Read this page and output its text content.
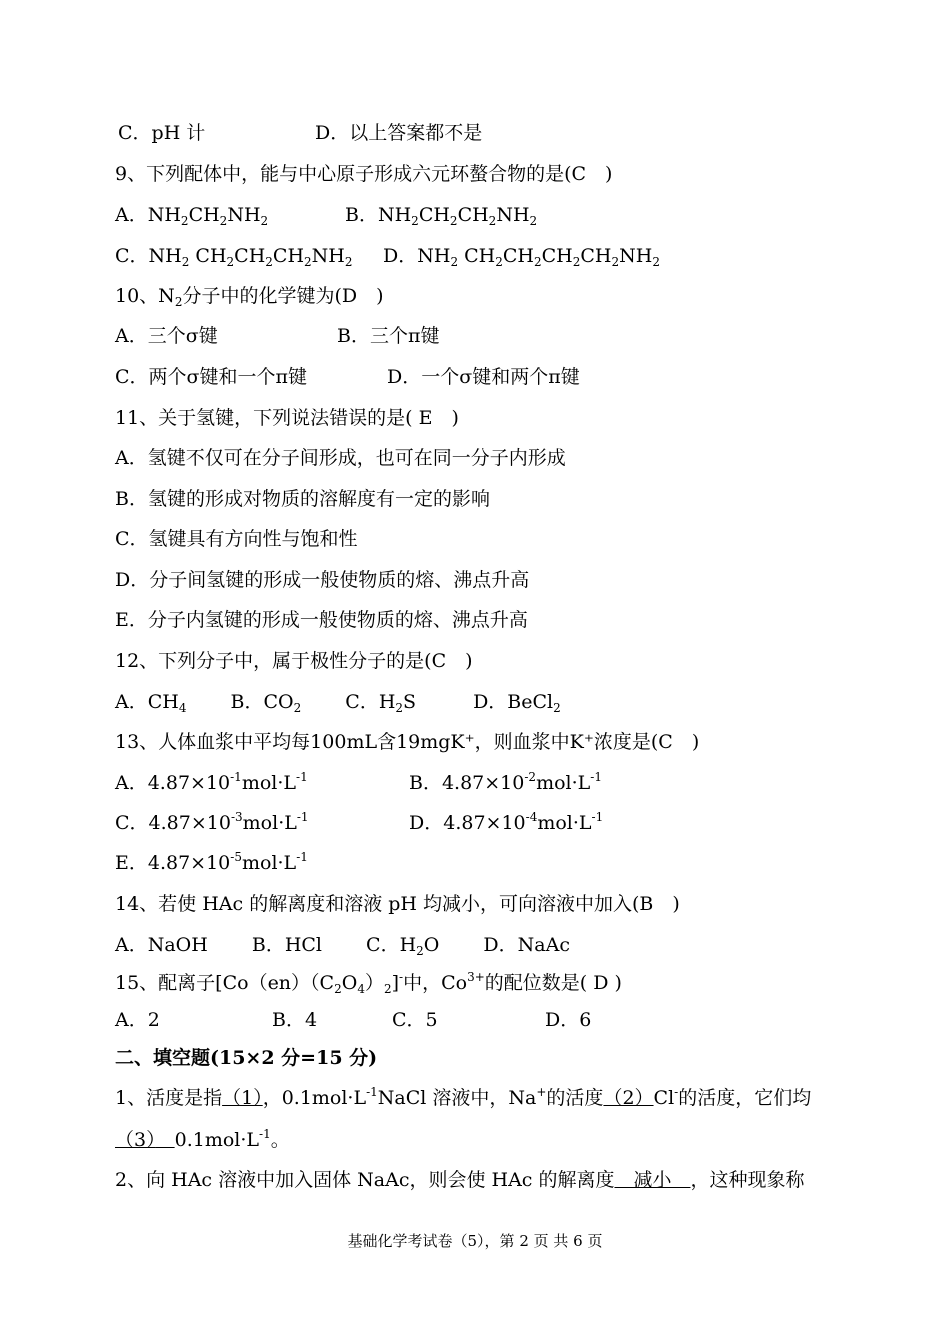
C．pH 计	D．以上答案都不是
9、下列配体中，能与中心原子形成六元环螯合物的是(C　)
A．$NH_2CH_2NH_2$	B．$NH_2CH_2CH_2NH_2$
C．$NH_2$ $CH_2CH_2CH_2NH_2$ D．$NH_2$ $CH_2CH_2CH_2CH_2NH_2$
10、$N_2$分子中的化学键为(D　)
A．三个σ键	B．三个π键
C．两个σ键和一个π键	D．一个σ键和两个π键
11、关于氢键，下列说法错误的是( E　)
A．氢键不仅可在分子间形成，也可在同一分子内形成
B．氢键的形成对物质的溶解度有一定的影响
C．氢键具有方向性与饱和性
D．分子间氢键的形成一般使物质的熔、沸点升高
E．分子内氢键的形成一般使物质的熔、沸点升高
12、下列分子中，属于极性分子的是(C　)
A．$CH_4$　　 B．$CO_2$　　 C．$H_2S$　　　D．BeCl$_2$
13、人体血浆中平均每100mL含19mgK⁺，则血浆中K⁺浓度是(C　)
A．$4.87\times 10^{-1}mol\cdot L^{-1}$	B．$4.87\times 10^{-2}mol\cdot L^{-1}$
C．$4.87\times 10^{-3}mol\cdot L^{-1}$	D．$4.87\times 10^{-4}mol\cdot L^{-1}$
E．$4.87\times 10^{-5}mol\cdot L^{-1}$
14、若使 HAc 的解离度和溶液 pH 均减小，可向溶液中加入(B　)
A．NaOH　　 B．HCl　　 C．$H_2O$　　 D．NaAc
15、配离子$[Co(en)(C_2O_4)_2]^-$中，$Co^{3+}$的配位数是( D )
A．2	B．4	C．5	D．6
二、填空题(15×2 分=15 分)
1、活度是指（1），$0.1mol\cdot L^{-1}NaCl$ 溶液中，Na+的活度（2）Cl-的活度，它们均
（3）　 $0.1mol\cdot L^{-1}$。
2、向 HAc 溶液中加入固体 NaAc，则会使 HAc 的解离度　减小　，这种现象称
基础化学考试卷（5），第 2 页 共 6 页
